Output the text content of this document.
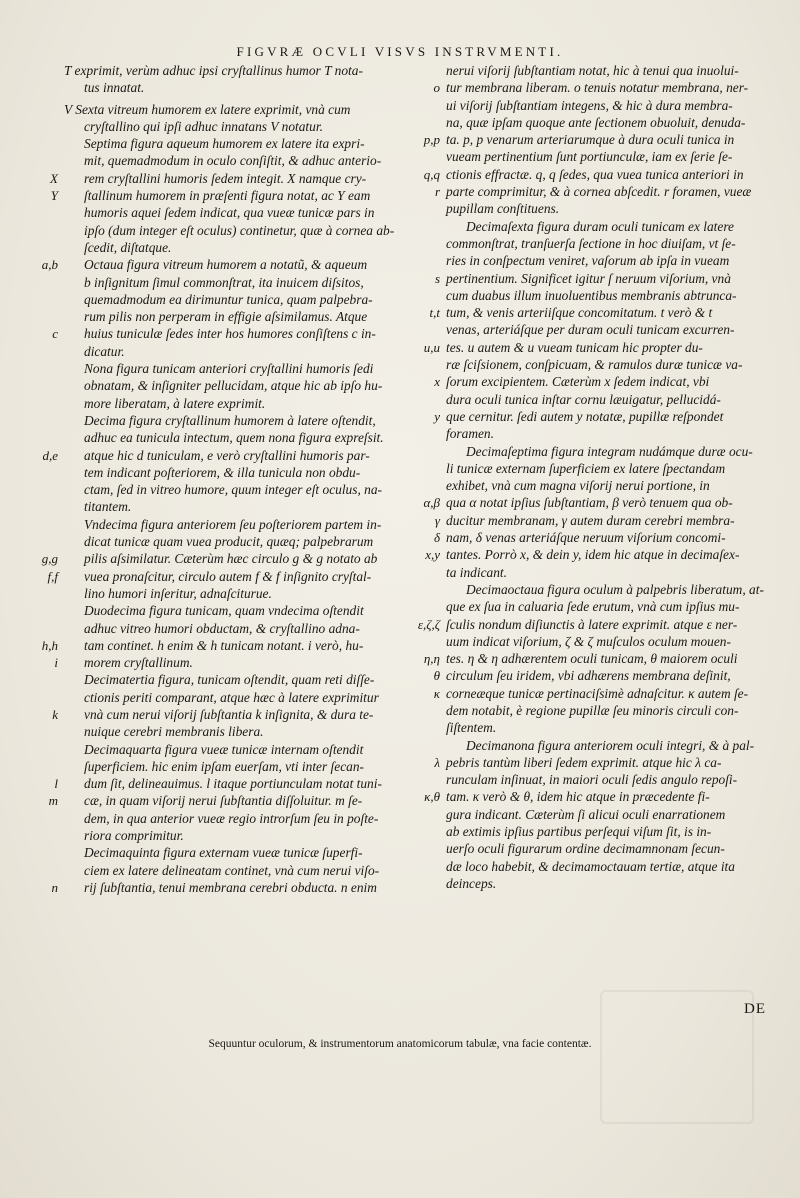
FIGVRÆ OCVLI VISVS INSTRVMENTI.
T exprimit, verùm adhuc ipsi cryſtallinus humor T nota-
tus innatat.
V Sexta vitreum humorem ex latere exprimit, vnà cum
cryſtallino qui ipſi adhuc innatans V notatur.
Septima figura aqueum humorem ex latere ita expri-
mit, quemadmodum in oculo conſiſtit, & adhuc anterio-
rem cryſtallini humoris ſedem integit. X namque cry-
X
ſtallinum humorem in præſenti figura notat, ac Y eam
Y
humoris aquei ſedem indicat, qua vueæ tunicæ pars in
ipſo (dum integer eſt oculus) continetur, quæ à cornea ab-
ſcedit, diſtatque.
Octaua figura vitreum humorem a notatũ, & aqueum
a,b
b inſignitum ſimul commonſtrat, ita inuicem diſsitos,
quemadmodum ea dirimuntur tunica, quam palpebra-
rum pilis non perperam in effigie aſsimilamus. Atque
huius tuniculæ ſedes inter hos humores conſiſtens c in-
c
dicatur.
Nona figura tunicam anteriori cryſtallini humoris ſedi
obnatam, & inſigniter pellucidam, atque hic ab ipſo hu-
more liberatam, à latere exprimit.
Decima figura cryſtallinum humorem à latere oſtendit,
adhuc ea tunicula intectum, quem nona figura expreſsit.
atque hic d tuniculam, e verò cryſtallini humoris par-
d,e
tem indicant poſteriorem, & illa tunicula non obdu-
ctam, ſed in vitreo humore, quum integer eſt oculus, na-
titantem.
Vndecima figura anteriorem ſeu poſteriorem partem in-
dicat tunicæ quam vuea producit, quæq; palpebrarum
pilis aſsimilatur. Cæterùm hæc circulo g & g notato ab
g,g
vuea pronaſcitur, circulo autem f & f inſignito cryſtal-
f,f
lino humori inſeritur, adnaſciturue.
Duodecima figura tunicam, quam vndecima oſtendit
adhuc vitreo humori obductam, & cryſtallino adna-
tam continet. h enim & h tunicam notant. i verò, hu-
h,h
morem cryſtallinum.
i
Decimatertia figura, tunicam oſtendit, quam reti diſſe-
ctionis periti comparant, atque hæc à latere exprimitur
vnà cum nerui viſorij ſubſtantia k inſignita, & dura te-
k
nuique cerebri membranis libera.
Decimaquarta figura vueæ tunicæ internam oſtendit
ſuperficiem. hic enim ipſam euerſam, vti inter ſecan-
dum ſit, delineauimus. l itaque portiunculam notat tuni-
l
cæ, in quam viſorij nerui ſubſtantia diſſoluitur. m ſe-
m
dem, in qua anterior vueæ regio introrſum ſeu in poſte-
riora comprimitur.
Decimaquinta figura externam vueæ tunicæ ſuperfi-
ciem ex latere delineatam continet, vnà cum nerui viſo-
rij ſubſtantia, tenui membrana cerebri obducta. n enim
n
nerui viſorij ſubſtantiam notat, hic à tenui qua inuolui-
tur membrana liberam. o tenuis notatur membrana, ner-
o
ui viſorij ſubſtantiam integens, & hic à dura membra-
na, quæ ipſam quoque ante ſectionem obuoluit, denuda-
ta. p, p venarum arteriarumque à dura oculi tunica in
p,p
vueam pertinentium ſunt portiunculæ, iam ex ſerie ſe-
ctionis effractæ. q, q ſedes, qua vuea tunica anteriori in
q,q
parte comprimitur, & à cornea abſcedit. r foramen, vueæ
r
pupillam conſtituens.
Decimaſexta figura duram oculi tunicam ex latere
commonſtrat, tranſuerſa ſectione in hoc diuiſam, vt ſe-
ries in conſpectum veniret, vaſorum ab ipſa in vueam
pertinentium. Significet igitur ſ neruum viſorium, vnà
s
cum duabus illum inuoluentibus membranis abtrunca-
tum, & venis arteriiſque concomitatum. t verò & t
t,t
venas, arteriáſque per duram oculi tunicam excurren-
tes. u autem & u vueam tunicam hic propter du-
u,u
ræ ſciſsionem, conſpicuam, & ramulos duræ tunicæ va-
ſorum excipientem. Cæterùm x ſedem indicat, vbi
x
dura oculi tunica inſtar cornu læuigatur, pellucidá-
que cernitur. ſedi autem y notatæ, pupillæ reſpondet
y
foramen.
Decimaſeptima figura integram nudámque duræ ocu-
li tunicæ externam ſuperficiem ex latere ſpectandam
exhibet, vnà cum magna viſorij nerui portione, in
qua α notat ipſius ſubſtantiam, β verò tenuem qua ob-
α,β
ducitur membranam, γ autem duram cerebri membra-
γ
nam, δ venas arteriáſque neruum viſorium concomi-
δ
tantes. Porrò x, & dein y, idem hic atque in decimaſex-
x,y
ta indicant.
Decimaoctaua figura oculum à palpebris liberatum, at-
que ex ſua in caluaria ſede erutum, vnà cum ipſius mu-
ſculis nondum diſiunctis à latere exprimit. atque ε ner-
ε,ζ,ζ
uum indicat viſorium, ζ & ζ muſculos oculum mouen-
tes. η & η adhærentem oculi tunicam, θ maiorem oculi
η,η
circulum ſeu iridem, vbi adhærens membrana deſinit,
θ
corneæque tunicæ pertinaciſsimè adnaſcitur. κ autem ſe-
κ
dem notabit, è regione pupillæ ſeu minoris circuli con-
ſiſtentem.
Decimanona figura anteriorem oculi integri, & à pal-
pebris tantùm liberi ſedem exprimit. atque hic λ ca-
λ
runculam inſinuat, in maiori oculi ſedis angulo repoſi-
tam. κ verò & θ, idem hic atque in præcedente fi-
κ,θ
gura indicant. Cæterùm ſi alicui oculi enarrationem
ab extimis ipſius partibus perſequi viſum ſit, is in-
uerſo oculi figurarum ordine decimamnonam ſecun-
dæ loco habebit, & decimamoctauam tertiæ, atque ita
deinceps.
DE
Sequuntur oculorum, & instrumentorum anatomicorum tabulæ, vna facie contentæ.
